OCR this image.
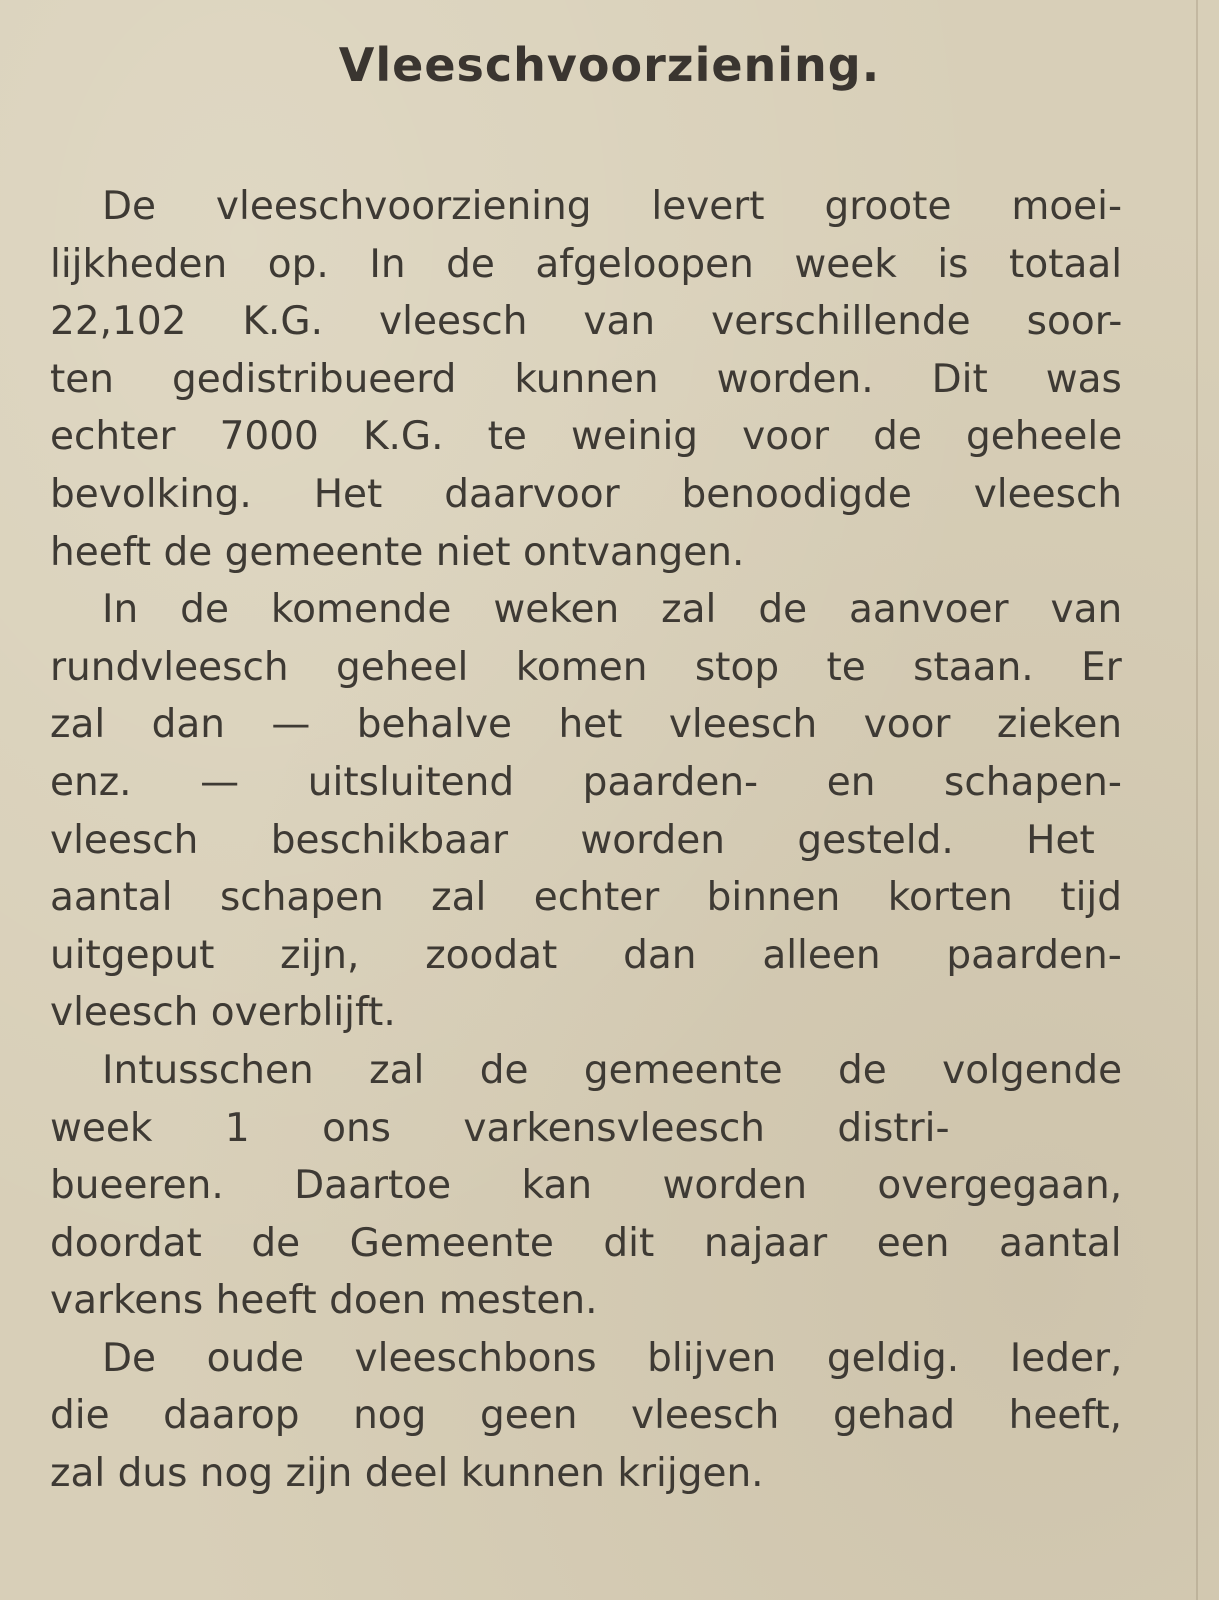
Vleeschvoorziening.

De vleeschvoorziening levert groote moei-
lijkheden op. In de afgeloopen week is totaal
22,102 K.G. vleesch van verschillende soor-
ten gedistribueerd kunnen worden. Dit was
echter 7000 K.G. te weinig voor de geheele
bevolking. Het daarvoor benoodigde vleesch
heeft de gemeente niet ontvangen.

In de komende weken zal de aanvoer van
rundvleesch geheel komen stop te staan. Er
zal dan — behalve het vleesch voor zieken
enz. — uitsluitend paarden- en schapen-
vleesch beschikbaar worden gesteld. Het
aantal schapen zal echter binnen korten tijd
uitgeput zijn, zoodat dan alleen paarden-
vleesch overblijft.

Intusschen zal de gemeente de volgende
week 1 ons varkensvleesch distri-
bueeren. Daartoe kan worden overgegaan,
doordat de Gemeente dit najaar een aantal
varkens heeft doen mesten.

De oude vleeschbons blijven geldig. Ieder,
die daarop nog geen vleesch gehad heeft,
zal dus nog zijn deel kunnen krijgen.
